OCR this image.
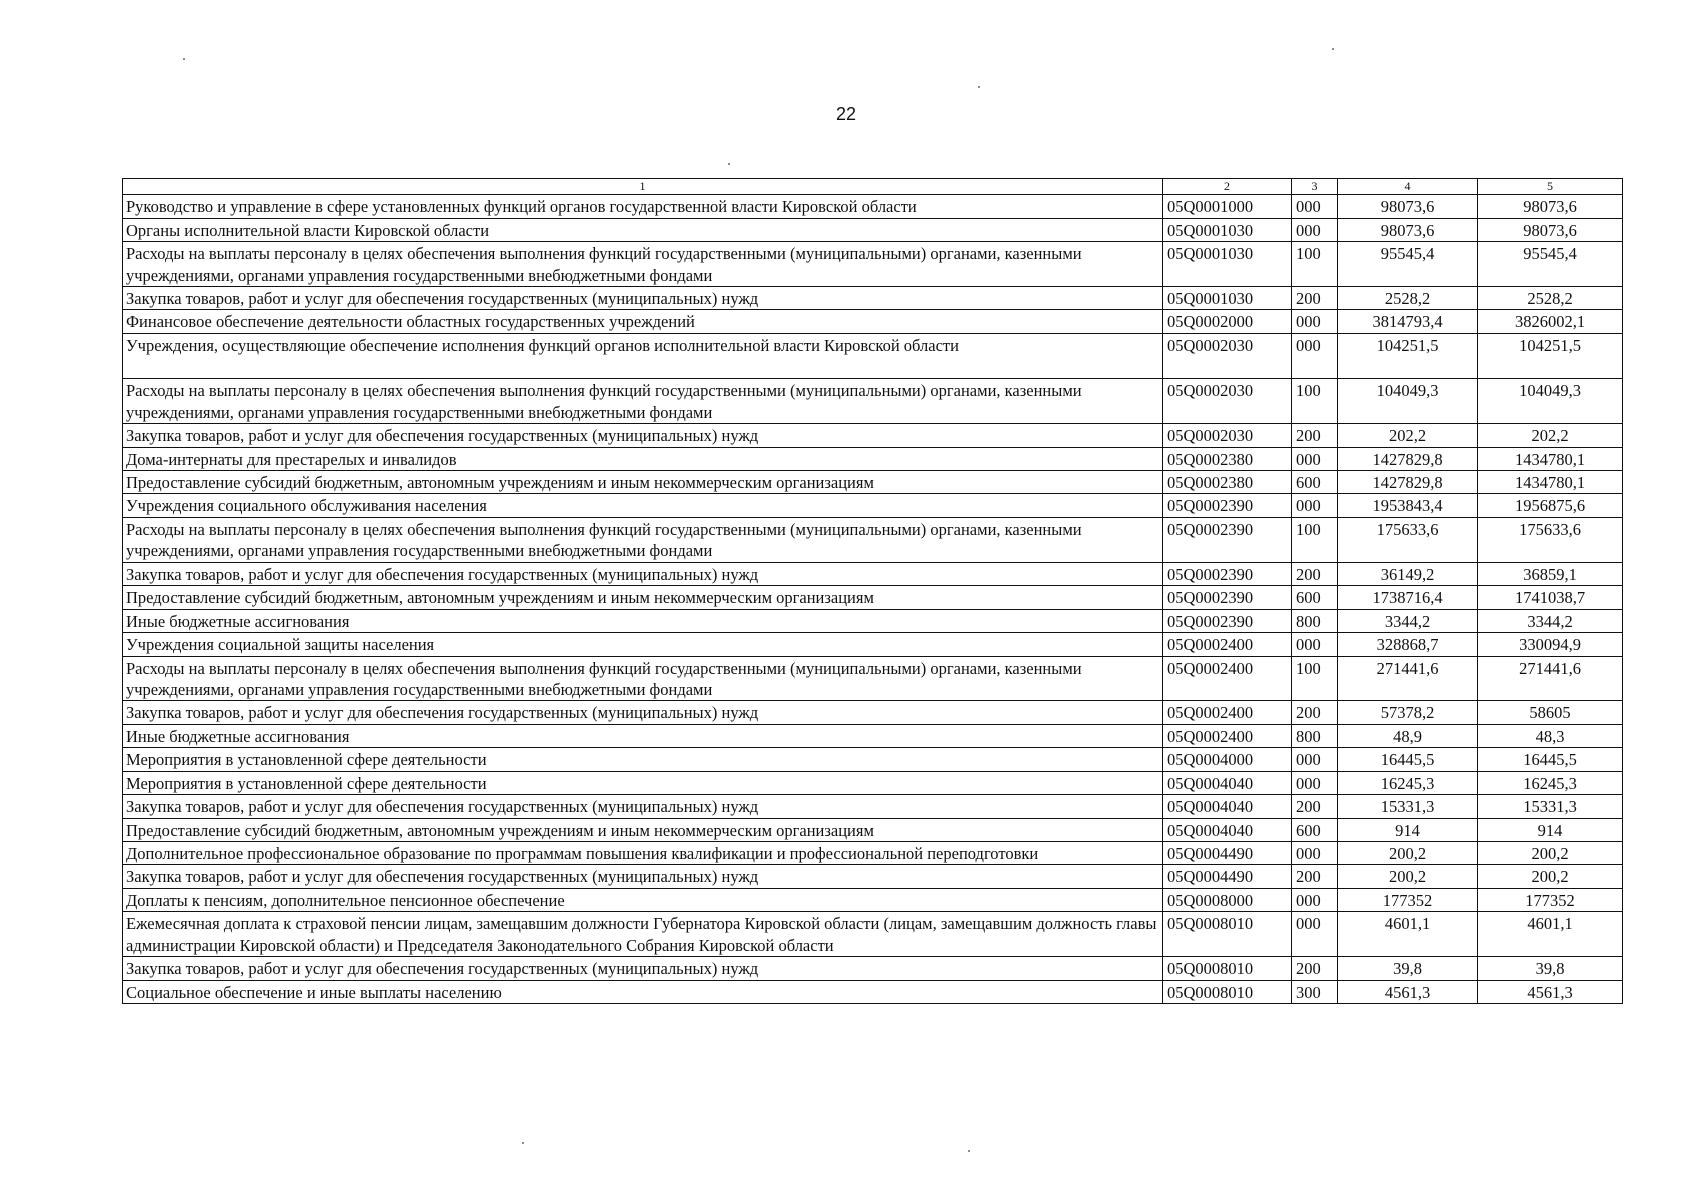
22
1	2	3	4	5
Руководство и управление в сфере установленных функций органов государственной власти Кировской области	05Q0001000	000	98073,6	98073,6
Органы исполнительной власти Кировской области	05Q0001030	000	98073,6	98073,6
Расходы на выплаты персоналу в целях обеспечения выполнения функций государственными (муниципальными) органами, казенными учреждениями, органами управления государственными внебюджетными фондами	05Q0001030	100	95545,4	95545,4
Закупка товаров, работ и услуг для обеспечения государственных (муниципальных) нужд	05Q0001030	200	2528,2	2528,2
Финансовое обеспечение деятельности областных государственных учреждений	05Q0002000	000	3814793,4	3826002,1
Учреждения, осуществляющие обеспечение исполнения функций органов исполнительной власти Кировской области	05Q0002030	000	104251,5	104251,5
Расходы на выплаты персоналу в целях обеспечения выполнения функций государственными (муниципальными) органами, казенными учреждениями, органами управления государственными внебюджетными фондами	05Q0002030	100	104049,3	104049,3
Закупка товаров, работ и услуг для обеспечения государственных (муниципальных) нужд	05Q0002030	200	202,2	202,2
Дома-интернаты для престарелых и инвалидов	05Q0002380	000	1427829,8	1434780,1
Предоставление субсидий бюджетным, автономным учреждениям и иным некоммерческим организациям	05Q0002380	600	1427829,8	1434780,1
Учреждения социального обслуживания населения	05Q0002390	000	1953843,4	1956875,6
Расходы на выплаты персоналу в целях обеспечения выполнения функций государственными (муниципальными) органами, казенными учреждениями, органами управления государственными внебюджетными фондами	05Q0002390	100	175633,6	175633,6
Закупка товаров, работ и услуг для обеспечения государственных (муниципальных) нужд	05Q0002390	200	36149,2	36859,1
Предоставление субсидий бюджетным, автономным учреждениям и иным некоммерческим организациям	05Q0002390	600	1738716,4	1741038,7
Иные бюджетные ассигнования	05Q0002390	800	3344,2	3344,2
Учреждения социальной защиты населения	05Q0002400	000	328868,7	330094,9
Расходы на выплаты персоналу в целях обеспечения выполнения функций государственными (муниципальными) органами, казенными учреждениями, органами управления государственными внебюджетными фондами	05Q0002400	100	271441,6	271441,6
Закупка товаров, работ и услуг для обеспечения государственных (муниципальных) нужд	05Q0002400	200	57378,2	58605
Иные бюджетные ассигнования	05Q0002400	800	48,9	48,3
Мероприятия в установленной сфере деятельности	05Q0004000	000	16445,5	16445,5
Мероприятия в установленной сфере деятельности	05Q0004040	000	16245,3	16245,3
Закупка товаров, работ и услуг для обеспечения государственных (муниципальных) нужд	05Q0004040	200	15331,3	15331,3
Предоставление субсидий бюджетным, автономным учреждениям и иным некоммерческим организациям	05Q0004040	600	914	914
Дополнительное профессиональное образование по программам повышения квалификации и профессиональной переподготовки	05Q0004490	000	200,2	200,2
Закупка товаров, работ и услуг для обеспечения государственных (муниципальных) нужд	05Q0004490	200	200,2	200,2
Доплаты к пенсиям, дополнительное пенсионное обеспечение	05Q0008000	000	177352	177352
Ежемесячная доплата к страховой пенсии лицам, замещавшим должности Губернатора Кировской области (лицам, замещавшим должность главы администрации Кировской области) и Председателя Законодательного Собрания Кировской области	05Q0008010	000	4601,1	4601,1
Закупка товаров, работ и услуг для обеспечения государственных (муниципальных) нужд	05Q0008010	200	39,8	39,8
Социальное обеспечение и иные выплаты населению	05Q0008010	300	4561,3	4561,3
